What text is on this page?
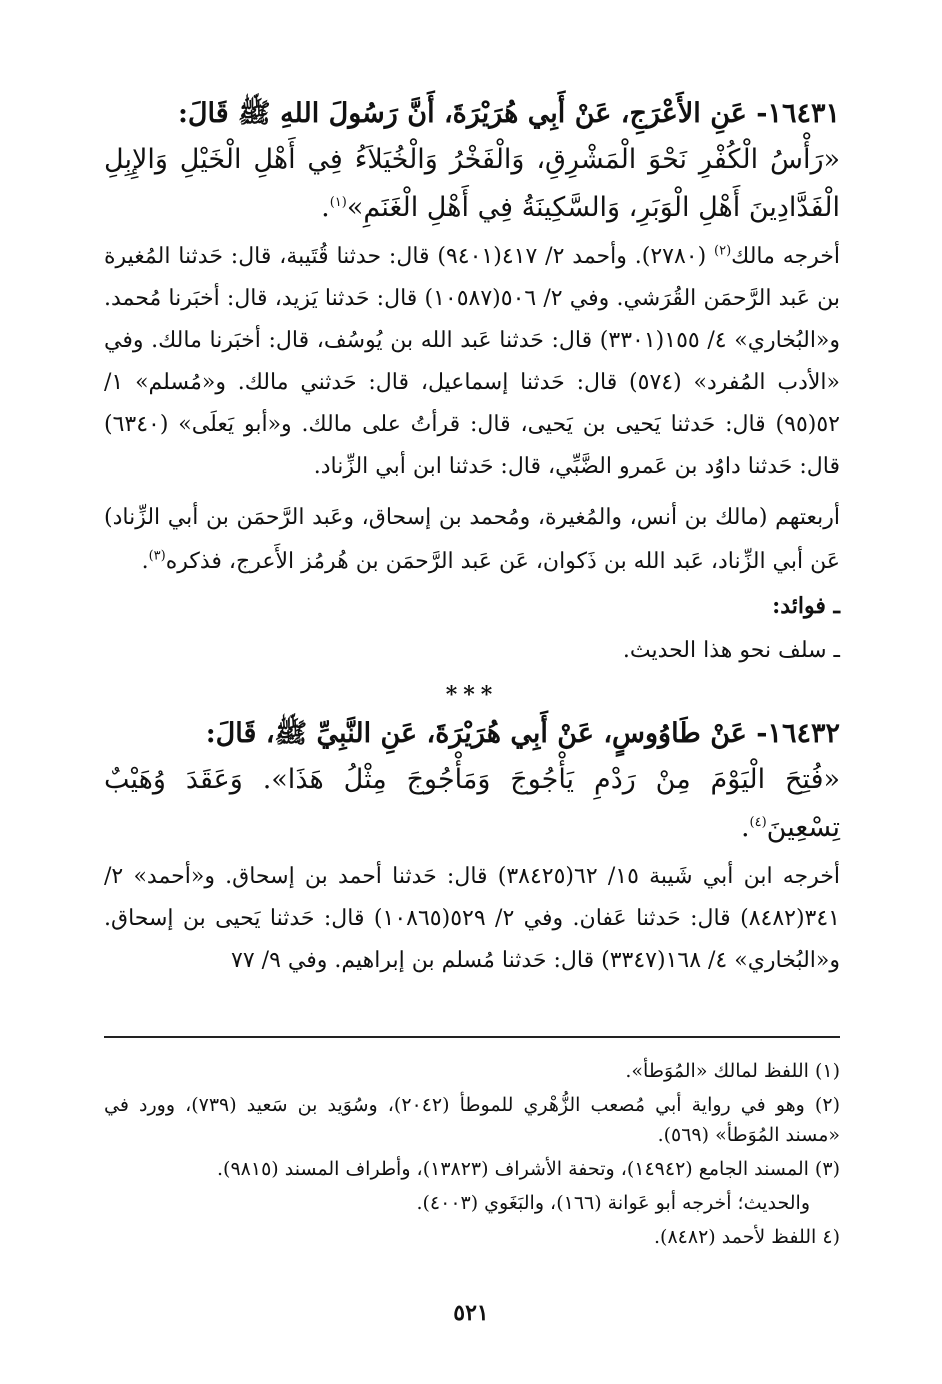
١٦٤٣١- عَنِ الأَعْرَجِ، عَنْ أَبِي هُرَيْرَةَ، أَنَّ رَسُولَ اللهِ ﷺ قَالَ:

«رَأْسُ الْكُفْرِ نَحْوَ الْمَشْرِقِ، وَالْفَخْرُ وَالْخُيَلاَءُ فِي أَهْلِ الْخَيْلِ وَالإِبِلِ الْفَدَّادِينَ أَهْلِ الْوَبَرِ، وَالسَّكِينَةُ فِي أَهْلِ الْغَنَمِ»$^{(١)}$.

أخرجه مالك$^{(٢)}$ (٢٧٨٠). وأحمد ٢/ ٤١٧(٩٤٠١) قال: حدثنا قُتَيبة، قال: حَدثنا المُغيرة بن عَبد الرَّحمَن القُرَشي. وفي ٢/ ٥٠٦(١٠٥٨٧) قال: حَدثنا يَزيد، قال: أخبَرنا مُحمد. و«البُخاري» ٤/ ١٥٥(٣٣٠١) قال: حَدثنا عَبد الله بن يُوسُف، قال: أخبَرنا مالك. وفي «الأدب المُفرد» (٥٧٤) قال: حَدثنا إسماعيل، قال: حَدثني مالك. و«مُسلم» ١/ ٥٢(٩٥) قال: حَدثنا يَحيى بن يَحيى، قال: قرأتُ على مالك. و«أبو يَعلَى» (٦٣٤٠) قال: حَدثنا داوُد بن عَمرو الضَّبِّي، قال: حَدثنا ابن أبي الزِّناد.

أربعتهم (مالك بن أنس، والمُغيرة، ومُحمد بن إسحاق، وعَبد الرَّحمَن بن أبي الزِّناد) عَن أبي الزِّناد، عَبد الله بن ذَكوان، عَن عَبد الرَّحمَن بن هُرمُز الأَعرج، فذكره$^{(٣)}$.

ـ فوائد:

ـ سلف نحو هذا الحديث.

***

١٦٤٣٢- عَنْ طَاوُوسٍ، عَنْ أَبِي هُرَيْرَةَ، عَنِ النَّبِيِّ ﷺ، قَالَ:

«فُتِحَ الْيَوْمَ مِنْ رَدْمِ يَأْجُوجَ وَمَأْجُوجَ مِثْلُ هَذَا». وَعَقَدَ وُهَيْبٌ تِسْعِينَ$^{(٤)}$.

أخرجه ابن أبي شَيبة ١٥/ ٦٢(٣٨٤٢٥) قال: حَدثنا أحمد بن إسحاق. و«أحمد» ٢/ ٣٤١(٨٤٨٢) قال: حَدثنا عَفان. وفي ٢/ ٥٢٩(١٠٨٦٥) قال: حَدثنا يَحيى بن إسحاق. و«البُخاري» ٤/ ١٦٨(٣٣٤٧) قال: حَدثنا مُسلم بن إبراهيم. وفي ٩/ ٧٧

(١) اللفظ لمالك «المُوَطأ».

(٢) وهو في رواية أبي مُصعب الزُّهْري للموطأ (٢٠٤٢)، وسُوَيد بن سَعيد (٧٣٩)، وورد في «مسند المُوَطأ» (٥٦٩).

(٣) المسند الجامع (١٤٩٤٢)، وتحفة الأشراف (١٣٨٢٣)، وأطراف المسند (٩٨١٥).

والحديث؛ أخرجه أبو عَوانة (١٦٦)، والبَغَوي (٤٠٠٣).

(٤ اللفظ لأحمد (٨٤٨٢).

٥٢١
